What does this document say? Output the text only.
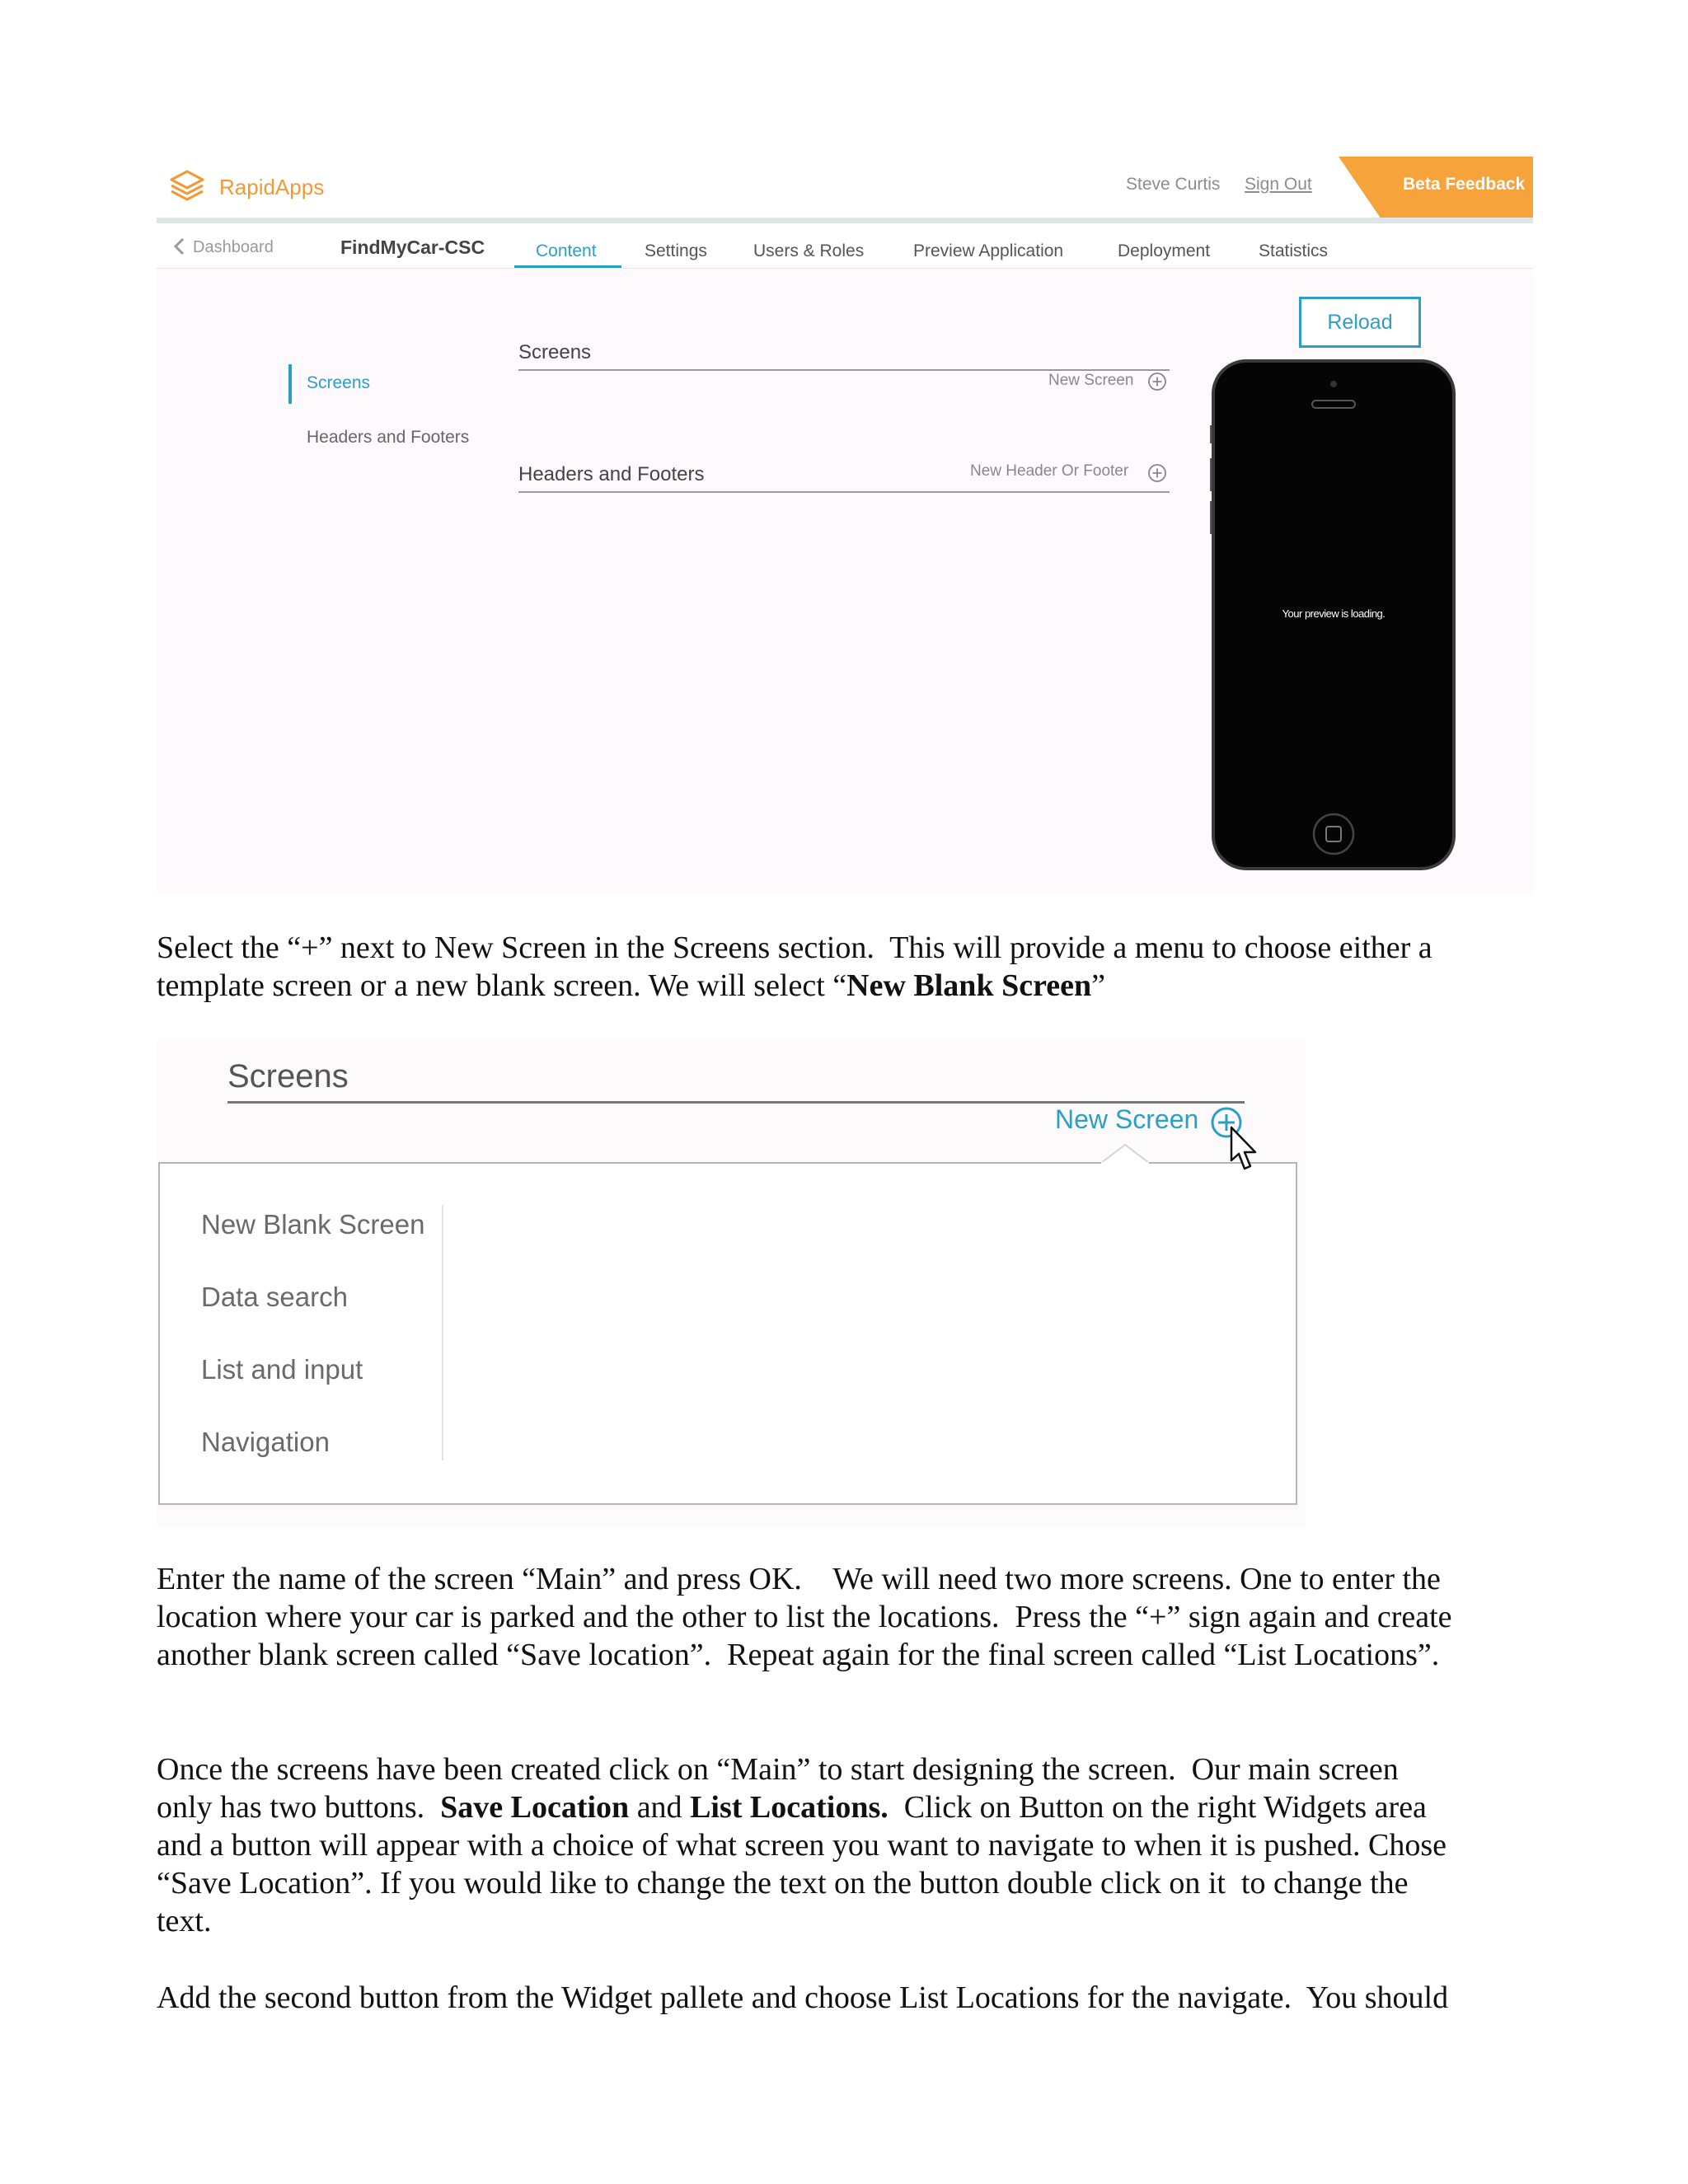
RapidApps	Steve Curtis Sign Out	Beta Feedback
Dashboard	FindMyCar-CSC	Content	Settings	Users & Roles	Preview Application	Deployment	Statistics
Reload
Screens
Headers and Footers
Screens
New Screen
Headers and Footers	New Header Or Footer
Your preview is loading.
Select the “+” next to New Screen in the Screens section.  This will provide a menu to choose either a
template screen or a new blank screen. We will select “New Blank Screen”
Screens
New Screen
New Blank Screen
Data search
List and input
Navigation
Enter the name of the screen “Main” and press OK.    We will need two more screens. One to enter the
location where your car is parked and the other to list the locations.  Press the “+” sign again and create
another blank screen called “Save location”.  Repeat again for the final screen called “List Locations”.
Once the screens have been created click on “Main” to start designing the screen.  Our main screen
only has two buttons.  Save Location and List Locations.  Click on Button on the right Widgets area
and a button will appear with a choice of what screen you want to navigate to when it is pushed. Chose
“Save Location”. If you would like to change the text on the button double click on it  to change the
text.
Add the second button from the Widget pallete and choose List Locations for the navigate.  You should
